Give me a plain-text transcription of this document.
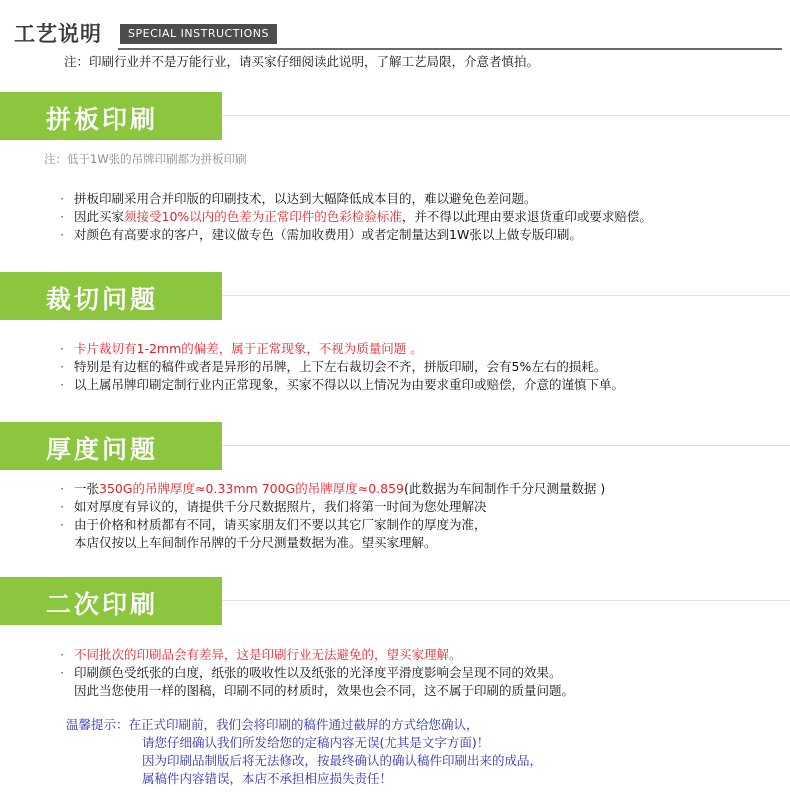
工艺说明	SPECIAL INSTRUCTIONS
注：印刷行业并不是万能行业，请买家仔细阅读此说明，了解工艺局限，介意者慎拍。
拼板印刷
注：低于1W张的吊牌印刷都为拼板印刷
· 拼板印刷采用合并印版的印刷技术，以达到大幅降低成本目的，难以避免色差问题。
· 因此买家须接受10%以内的色差为正常印件的色彩检验标准，并不得以此理由要求退货重印或要求赔偿。
· 对颜色有高要求的客户，建议做专色（需加收费用）或者定制量达到1W张以上做专版印刷。
裁切问题
· 卡片裁切有1-2mm的偏差，属于正常现象，不视为质量问题 。
· 特别是有边框的稿件或者是异形的吊牌，上下左右裁切会不齐，拼版印刷，会有5%左右的损耗。
· 以上属吊牌印刷定制行业内正常现象，买家不得以以上情况为由要求重印或赔偿，介意的谨慎下单。
厚度问题
· 一张350G的吊牌厚度≈0.33mm 700G的吊牌厚度≈0.859(此数据为车间制作千分尺测量数据 )
· 如对厚度有异议的，请提供千分尺数据照片，我们将第一时间为您处理解决
· 由于价格和材质都有不同，请买家朋友们不要以其它厂家制作的厚度为准，
本店仅按以上车间制作吊牌的千分尺测量数据为准。望买家理解。
二次印刷
· 不同批次的印刷品会有差异，这是印刷行业无法避免的，望买家理解。
· 印刷颜色受纸张的白度，纸张的吸收性以及纸张的光泽度平滑度影响会呈现不同的效果。
因此当您使用一样的图稿，印刷不同的材质时，效果也会不同，这不属于印刷的质量问题。
温馨提示：在正式印刷前，我们会将印刷的稿件通过截屏的方式给您确认，
请您仔细确认我们所发给您的定稿内容无误(尤其是文字方面)！
因为印刷品制版后将无法修改，按最终确认的确认稿件印刷出来的成品，
属稿件内容错误，本店不承担相应损失责任！
